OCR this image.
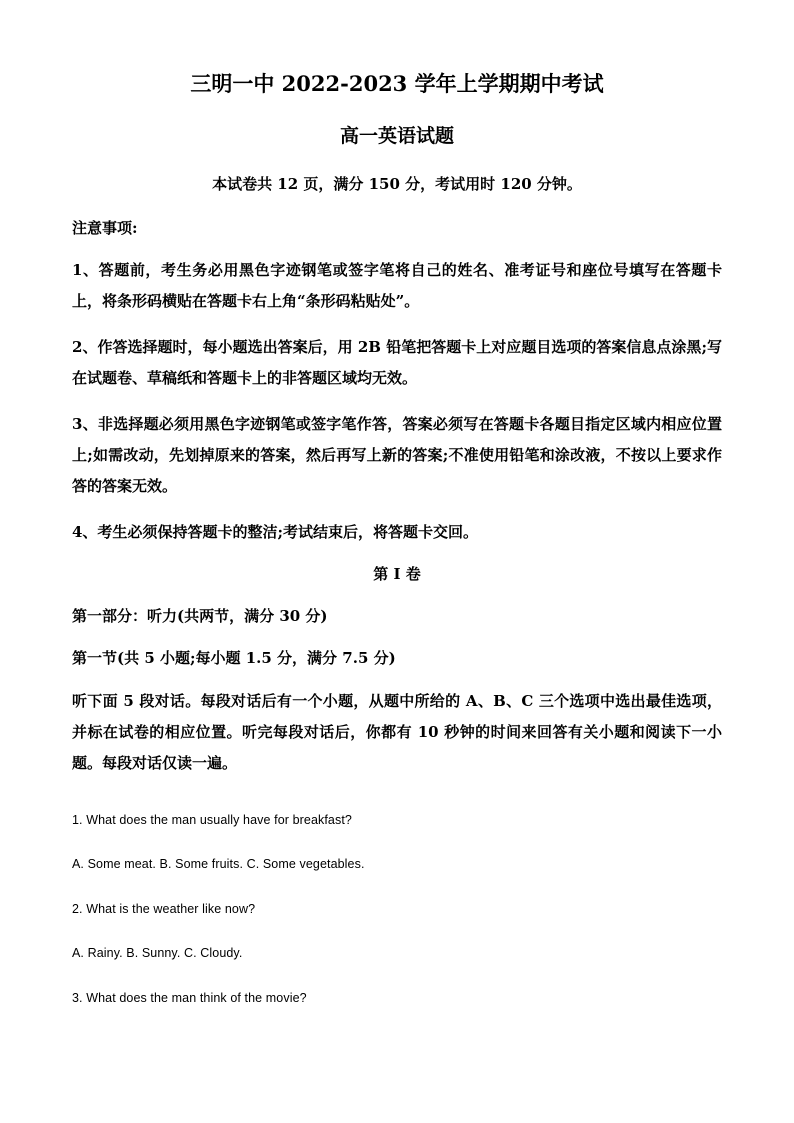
三明一中 2022-2023 学年上学期期中考试
高一英语试题

本试卷共 12 页，满分 150 分，考试用时 120 分钟。

注意事项:

1、答题前，考生务必用黑色字迹钢笔或签字笔将自己的姓名、准考证号和座位号填写在答题卡上，将条形码横贴在答题卡右上角“条形码粘贴处”。

2、作答选择题时，每小题选出答案后，用 2B 铅笔把答题卡上对应题目选项的答案信息点涂黑;写在试题卷、草稿纸和答题卡上的非答题区域均无效。

3、非选择题必须用黑色字迹钢笔或签字笔作答，答案必须写在答题卡各题目指定区域内相应位置上;如需改动，先划掉原来的答案，然后再写上新的答案;不准使用铅笔和涂改液，不按以上要求作答的答案无效。

4、考生必须保持答题卡的整洁;考试结束后，将答题卡交回。

第 I 卷

第一部分：听力(共两节，满分 30 分)

第一节(共 5 小题;每小题 1.5 分，满分 7.5 分)

听下面 5 段对话。每段对话后有一个小题，从题中所给的 A、B、C 三个选项中选出最佳选项，并标在试卷的相应位置。听完每段对话后，你都有 10 秒钟的时间来回答有关小题和阅读下一小题。每段对话仅读一遍。

1. What does the man usually have for breakfast?

A. Some meat. B. Some fruits. C. Some vegetables.

2. What is the weather like now?

A. Rainy. B. Sunny. C. Cloudy.

3. What does the man think of the movie?
